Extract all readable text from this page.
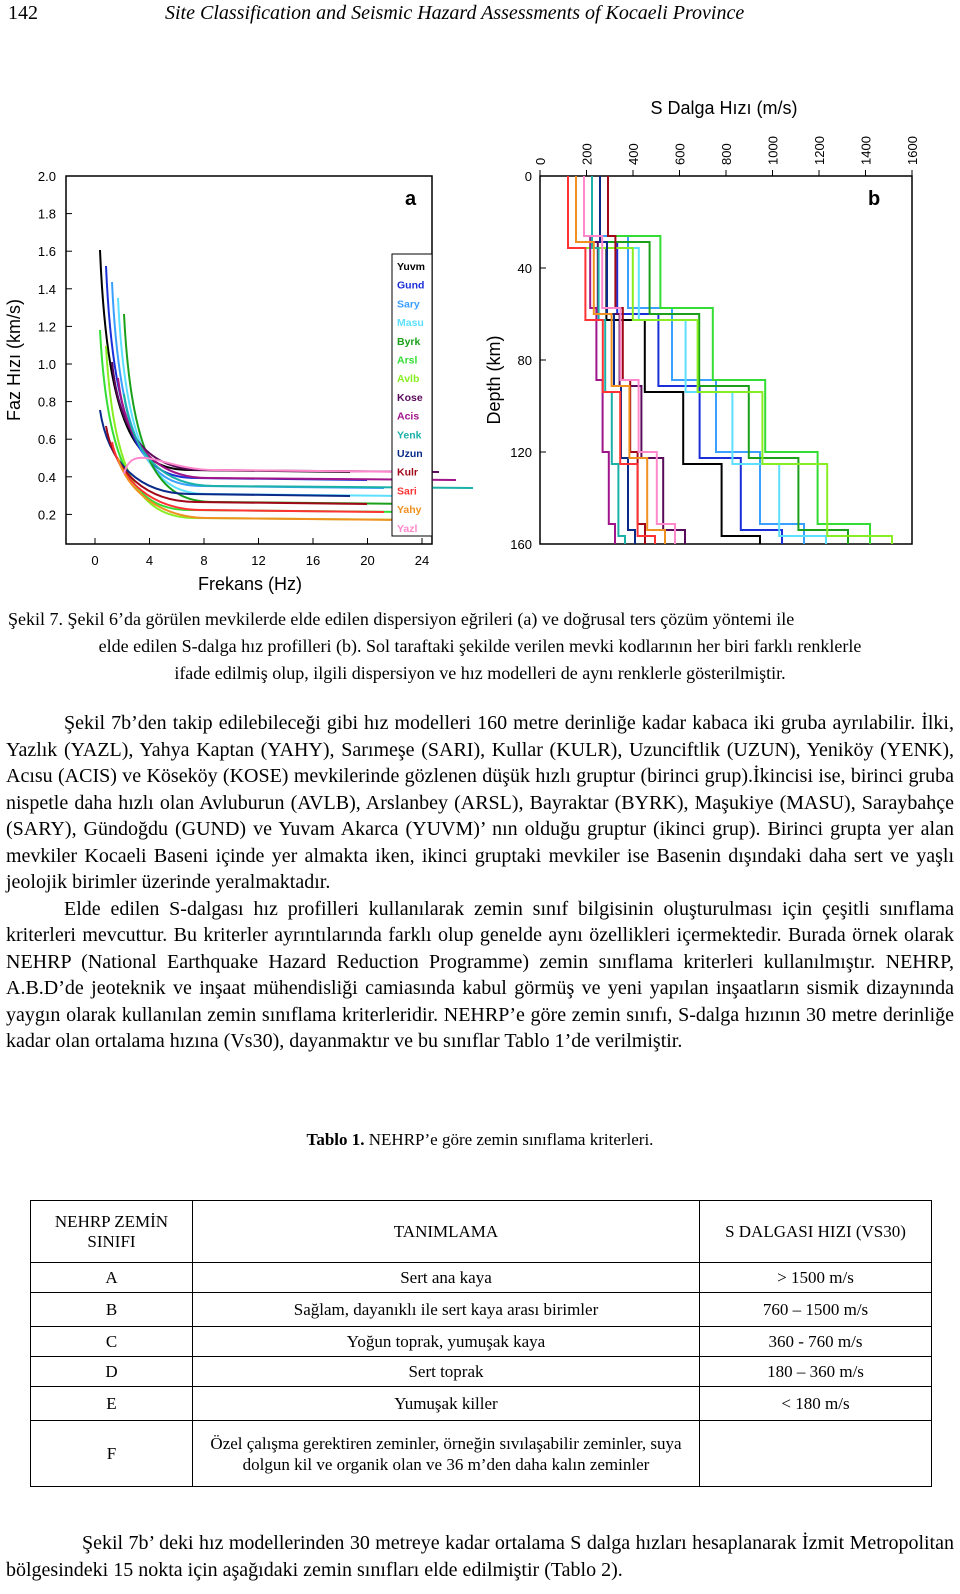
142	Site Classification and Seismic Hazard Assessments of Kocaeli Province
a
2.0
1.8
1.6
1.4
1.2
1.0
0.8
0.6
0.4
0.2
0	4	8	12	16	20	24
Faz Hızı (km/s)
Frekans (Hz)
Yuvm
Gund
Sary
Masu
Byrk
Arsl
Avlb
Kose
Acis
Yenk
Uzun
Kulr
Sari
Yahy
Yazl
b
S Dalga Hızı (m/s)
Depth (km)
0 200 400 600 800 1000 1200 1400 1600
0
40
80
120
160

Şekil 7. Şekil 6’da görülen mevkilerde elde edilen dispersiyon eğrileri (a) ve doğrusal ters çözüm yöntemi ile

elde edilen S-dalga hız profilleri (b). Sol taraftaki şekilde verilen mevki kodlarının her biri farklı renklerle

ifade edilmiş olup, ilgili dispersiyon ve hız modelleri de aynı renklerle gösterilmiştir.

Şekil 7b’den takip edilebileceği gibi hız modelleri 160 metre derinliğe kadar kabaca iki gruba ayrılabilir. İlki, Yazlık (YAZL), Yahya Kaptan (YAHY), Sarımeşe (SARI), Kullar (KULR), Uzunciftlik (UZUN), Yeniköy (YENK), Acısu (ACIS) ve Köseköy (KOSE) mevkilerinde gözlenen düşük hızlı gruptur (birinci grup).İkincisi ise, birinci gruba nispetle daha hızlı olan Avluburun (AVLB), Arslanbey (ARSL), Bayraktar (BYRK), Maşukiye (MASU), Saraybahçe (SARY), Gündoğdu (GUND) ve Yuvam Akarca (YUVM)’ nın olduğu gruptur (ikinci grup). Birinci grupta yer alan mevkiler Kocaeli Baseni içinde yer almakta iken, ikinci gruptaki mevkiler ise Basenin dışındaki daha sert ve yaşlı jeolojik birimler üzerinde yeralmaktadır.

Elde edilen S-dalgası hız profilleri kullanılarak zemin sınıf bilgisinin oluşturulması için çeşitli sınıflama kriterleri mevcuttur. Bu kriterler ayrıntılarında farklı olup genelde aynı özellikleri içermektedir. Burada örnek olarak NEHRP (National Earthquake Hazard Reduction Programme) zemin sınıflama kriterleri kullanılmıştır. NEHRP, A.B.D’de jeoteknik ve inşaat mühendisliği camiasında kabul görmüş ve yeni yapılan inşaatların sismik dizaynında yaygın olarak kullanılan zemin sınıflama kriterleridir. NEHRP’e göre zemin sınıfı, S-dalga hızının 30 metre derinliğe kadar olan ortalama hızına (Vs30), dayanmaktır ve bu sınıflar Tablo 1’de verilmiştir.

Tablo 1. NEHRP’e göre zemin sınıflama kriterleri.
NEHRP ZEMİN SINIFI	TANIMLAMA	S DALGASI HIZI (VS30)
A	Sert ana kaya	> 1500 m/s
B	Sağlam, dayanıklı ile sert kaya arası birimler	760 – 1500 m/s
C	Yoğun toprak, yumuşak kaya	360 - 760 m/s
D	Sert toprak	180 – 360 m/s
E	Yumuşak killer	< 180 m/s
F	Özel çalışma gerektiren zeminler, örneğin sıvılaşabilir zeminler, suya dolgun kil ve organik olan ve 36 m’den daha kalın zeminler	

Şekil 7b’ deki hız modellerinden 30 metreye kadar ortalama S dalga hızları hesaplanarak İzmit Metropolitan bölgesindeki 15 nokta için aşağıdaki zemin sınıfları elde edilmiştir (Tablo 2).
